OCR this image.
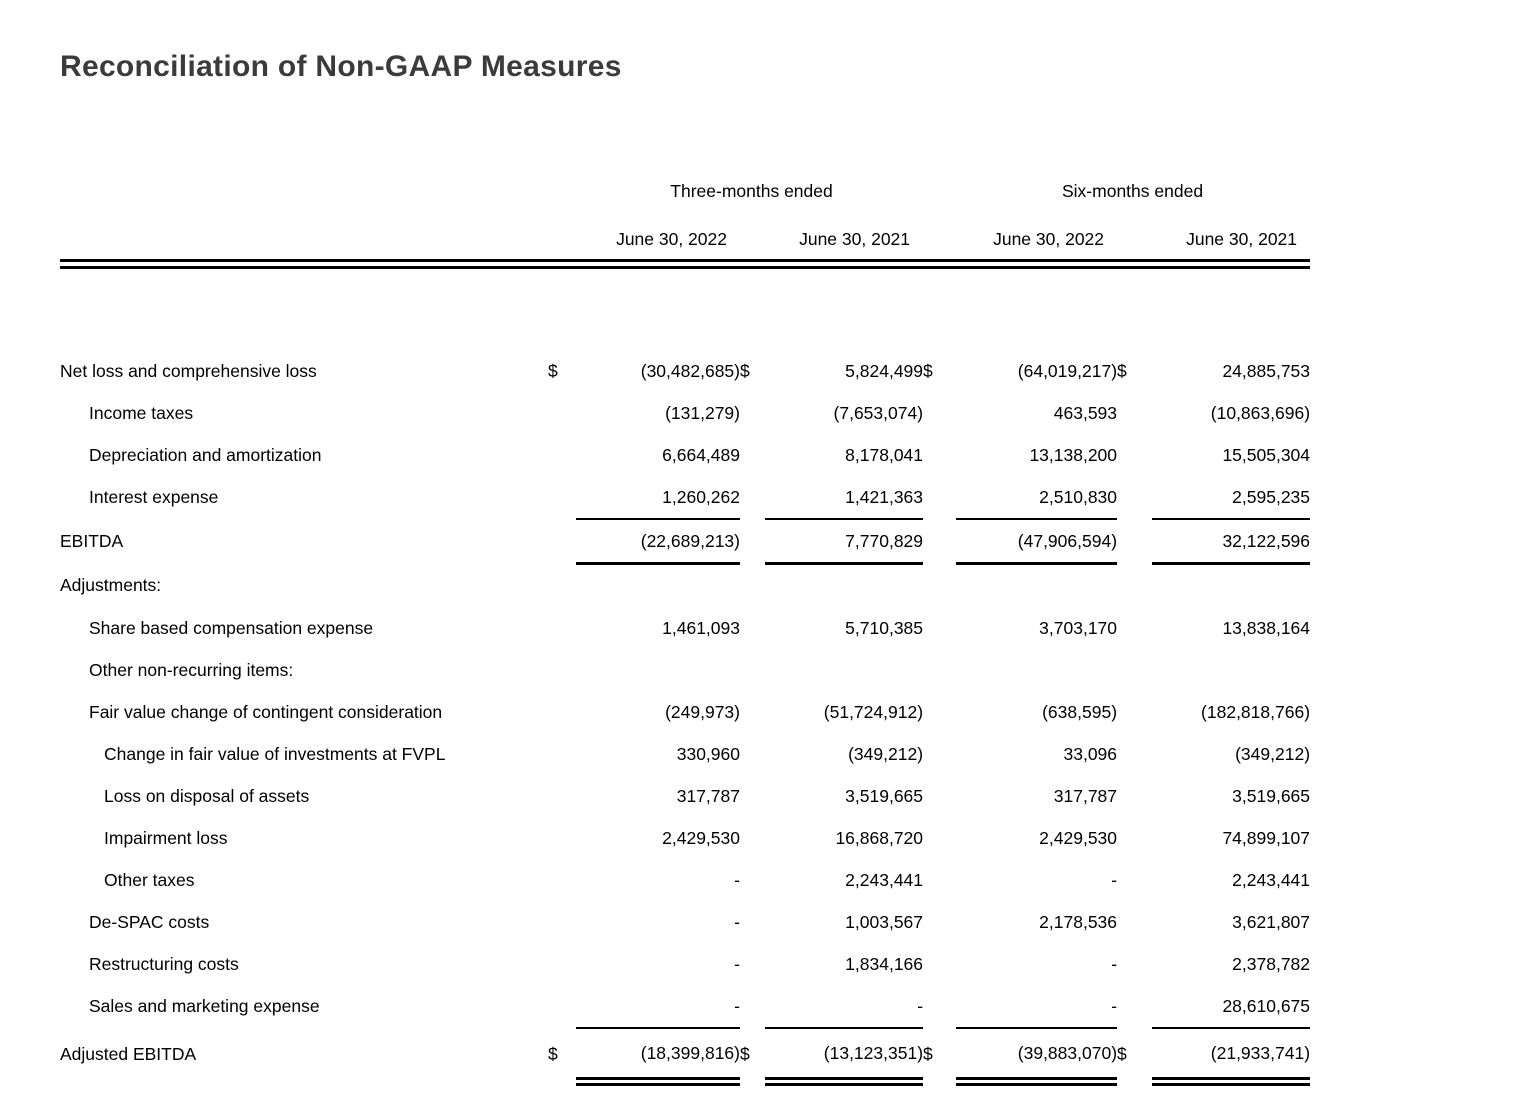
Reconciliation of Non-GAAP Measures
	Three-months ended				Six-months ended			
	June 30, 2022		June 30, 2021		June 30, 2022		June 30, 2021	

Net loss and comprehensive loss	$	(30,482,685)	$	5,824,499	$	(64,019,217)	$	24,885,753
Income taxes		(131,279)		(7,653,074)		463,593		(10,863,696)
Depreciation and amortization		6,664,489		8,178,041		13,138,200		15,505,304
Interest expense		1,260,262		1,421,363		2,510,830		2,595,235
EBITDA		(22,689,213)		7,770,829		(47,906,594)		32,122,596
Adjustments:								
Share based compensation expense		1,461,093		5,710,385		3,703,170		13,838,164
Other non-recurring items:								
Fair value change of contingent consideration		(249,973)		(51,724,912)		(638,595)		(182,818,766)
Change in fair value of investments at FVPL		330,960		(349,212)		33,096		(349,212)
Loss on disposal of assets		317,787		3,519,665		317,787		3,519,665
Impairment loss		2,429,530		16,868,720		2,429,530		74,899,107
Other taxes		-		2,243,441		-		2,243,441
De-SPAC costs		-		1,003,567		2,178,536		3,621,807
Restructuring costs		-		1,834,166		-		2,378,782
Sales and marketing expense		-		-		-		28,610,675
Adjusted EBITDA	$	(18,399,816)	$	(13,123,351)	$	(39,883,070)	$	(21,933,741)
